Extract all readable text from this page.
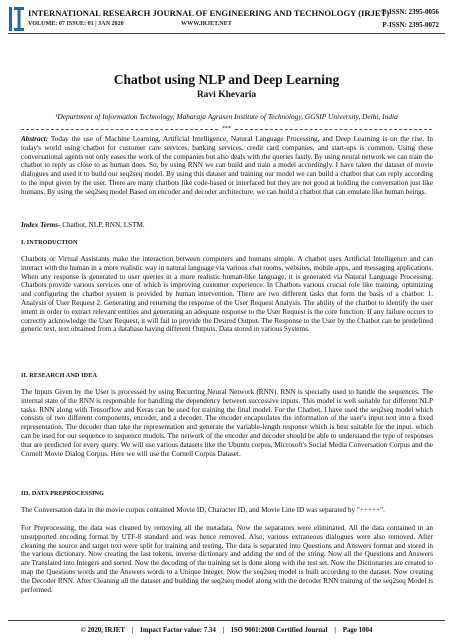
INTERNATIONAL RESEARCH JOURNAL OF ENGINEERING AND TECHNOLOGY (IRJET)
VOLUME: 07 ISSUE: 01 | JAN 2020	WWW.IRJET.NET
E-ISSN: 2395-0056
P-ISSN: 2395-0072
Chatbot using NLP and Deep Learning
Ravi Khevaria
¹Department of Information Technology, Maharaja Agrasen Institute of Technology, GGSIP University, Delhi, India
***
Abstract: Today the use of Machine Learning, Artificial Intelligence, Natural Language Processing, and Deep Learning is on the rise. In today's world using chatbot for customer care services, banking services, credit card companies, and start-ups is common. Using these conversational agents not only eases the work of the companies but also deals with the queries fastly. By using neural network we can train the chatbot to reply as close to as human does. So, by using RNN we can build and train a model accordingly. I have taken the dataset of movie dialogues and used it to build our seq2seq model. By using this dataset and training our model we can build a chatbot that can reply according to the input given by the user. There are many chatbots like code-based or interfaced but they are not good at holding the conversation just like humans. By using the seq2seq model Based on encoder and decoder architecture, we can build a chatbot that can emulate like human beings.
Index Terms- Chatbot, NLP, RNN, LSTM.
I. INTRODUCTION
Chatbots or Virtual Assistants make the interaction between computers and humans simple. A chatbot uses Artificial Intelligence and can interact with the human in a more realistic way in natural language via various chat rooms, websites, mobile apps, and messaging applications. When any response is generated to user queries in a more realistic human-like language, it is generated via Natural Language Processing. Chatbots provide various services one of which is improving customer experience. In Chatbots various crucial role like training, optimizing and configuring the chatbot system is provided by human intervention. There are two different tasks that form the basis of a chatbot: 1. Analysis of User Request 2. Generating and returning the response of the User Request Analysis. The ability of the chatbot to identify the user intent in order to extract relevant entities and generating an adequate response to the User Request is the core function. If any failure occurs to correctly acknowledge the User Request, it will fail to provide the Desired Output. The Response to the User by the Chatbot can be predefined generic text, text obtained from a database having different Outputs, Data stored in various Systems.
II. RESEARCH AND IDEA
The Inputs Given by the User is processed by using Recurring Neural Network (RNN). RNN is specially used to handle the sequences. The internal state of the RNN is responsible for handling the dependency between successive inputs. This model is well suitable for different NLP tasks. RNN along with Tensorflow and Keras can be used for training the final model. For the Chatbot, I have used the seq2seq model which consists of two different components, encoder, and a decoder. The encoder encapsulates the information of the user's input text into a fixed representation. The decoder than take the representation and generate the variable-length response which is best suitable for the input. which can be used for our sequence to sequence models. The network of the encoder and decoder should be able to understand the type of responses that are predicted for every query. We will use various datasets like the Ubuntu corpus, Microsoft's Social Media Conversation Corpus and the Cornell Movie Dialog Corpus. Here we will use the Cornell Corpus Dataset.
III. DATA PREPROCESSING
The Conversation data in the movie corpus contained Movie ID, Character ID, and Movie Line ID was separated by "+++++".
For Preprocessing, the data was cleaned by removing all the metadata. Now the separators were eliminated. All the data contained in an unsupported encoding format by UTF-8 standard and was hence removed. Also, various extraneous dialogues were also removed. After cleaning the source and target text were split for training and testing. The data is separated into Questions and Answers format and stored in the various dictionary. Now creating the last tokens, inverse dictionary and adding the end of the string. Now all the Questions and Answers are Translated into Integers and sorted. Now the decoding of the training set is done along with the test set. Now the Dictionaries are created to map the Questions words and the Answers words to a Unique Integer. Now the seq2seq model is built according to the dataset. Now creating the Decoder RNN. After Cleaning all the dataset and building the seq2seq model along with the decoder RNN training of the seq2seq Model is performed.
© 2020, IRJET    |    Impact Factor value: 7.34    |    ISO 9001:2008 Certified Journal    |    Page 1004
